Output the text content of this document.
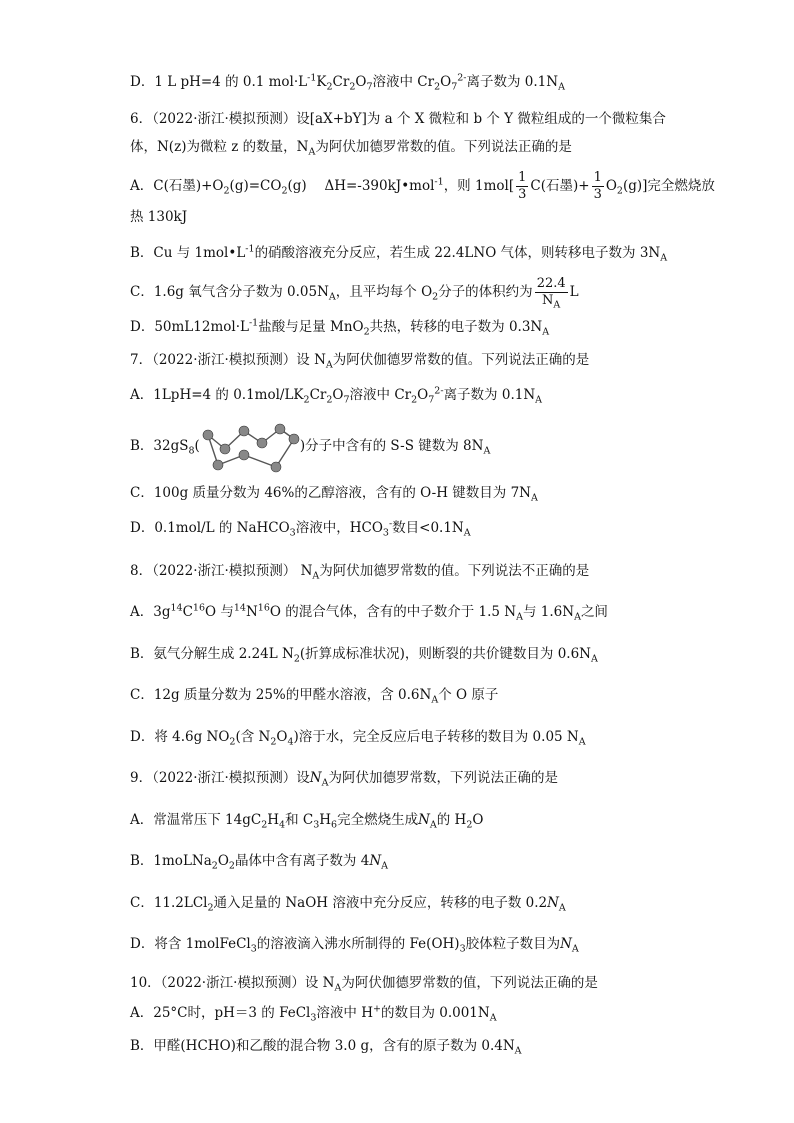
D．1 L pH=4 的 0.1 $mol\cdot L^{-1}K_2Cr_2O_7$溶液中 $Cr_2O_7^{2-}$离子数为 $0.1N_A$
6．（2022·浙江·模拟预测）设[aX+bY]为 a 个 X 微粒和 b 个 Y 微粒组成的一个微粒集合
体，N(z)为微粒 z 的数量，$N_A$为阿伏加德罗常数的值。下列说法正确的是
A．C(石墨)$+O_2(g)=CO_2(g)$　 ΔH=-390kJ•mol$^{-1}$，则 $1mol[ \frac{1}{3} C$(石墨)+ $\frac{1}{3} O_2(g)$]完全燃烧放
热 130kJ
B．Cu 与 $1mol•L^{-1}$的硝酸溶液充分反应，若生成 22.4LNO 气体，则转移电子数为 $3N_A$
C．1.6g 氧气含分子数为 $0.05N_A$，且平均每个 $O_2$分子的体积约为 $\frac{22.4}{N_A}$ L
D．$50mL12mol\cdot L^{-1}$盐酸与足量 MnO$_2$共热，转移的电子数为 $0.3N_A$
7．（2022·浙江·模拟预测）设 $N_A$为阿伏伽德罗常数的值。下列说法正确的是
A．1LpH=4 的 $0.1mol/LK_2Cr_2O_7$溶液中 $Cr_2O_7^{2-}$离子数为 $0.1N_A$
B．$32gS_8$(	)分子中含有的 S-S 键数为 $8N_A$
C．100g 质量分数为 46%的乙醇溶液，含有的 O-H 键数目为 $7N_A$
D．0.1mol/L 的 NaHCO$_3$溶液中，$HCO_3^-$数目$<0.1N_A$
8．（2022·浙江·模拟预测） $N_A$为阿伏加德罗常数的值。下列说法不正确的是
A．$3g^{14}C^{16}O$ 与$^{14}N^{16}O$ 的混合气体，含有的中子数介于 1.5 $N_A$与 $1.6N_A$之间
B．氨气分解生成 2.24L $N_2$(折算成标准状况)，则断裂的共价键数目为 $0.6N_A$
C．12g 质量分数为 25%的甲醛水溶液，含 $0.6N_A$个 O 原子
D．将 4.6g $NO_2$(含 $N_2O_4$)溶于水，完全反应后电子转移的数目为 0.05 $N_A$
9．（2022·浙江·模拟预测）设$N_A$为阿伏加德罗常数，下列说法正确的是
A．常温常压下 $14gC_2H_4$和 $C_3H_6$完全燃烧生成$N_A$的 $H_2O$
B．$1moLNa_2O_2$晶体中含有离子数为 $4N_A$
C．11.2LCl$_2$通入足量的 NaOH 溶液中充分反应，转移的电子数 $0.2N_A$
D．将含 1molFeCl$_3$的溶液滴入沸水所制得的 $Fe(OH)_3$胶体粒子数目为$N_A$
10．（2022·浙江·模拟预测）设 $N_A$为阿伏伽德罗常数的值，下列说法正确的是
A．25°C时，pH＝3 的 FeCl$_3$溶液中 H+的数目为 $0.001N_A$
B．甲醛(HCHO)和乙酸的混合物 3.0 g，含有的原子数为 $0.4N_A$
